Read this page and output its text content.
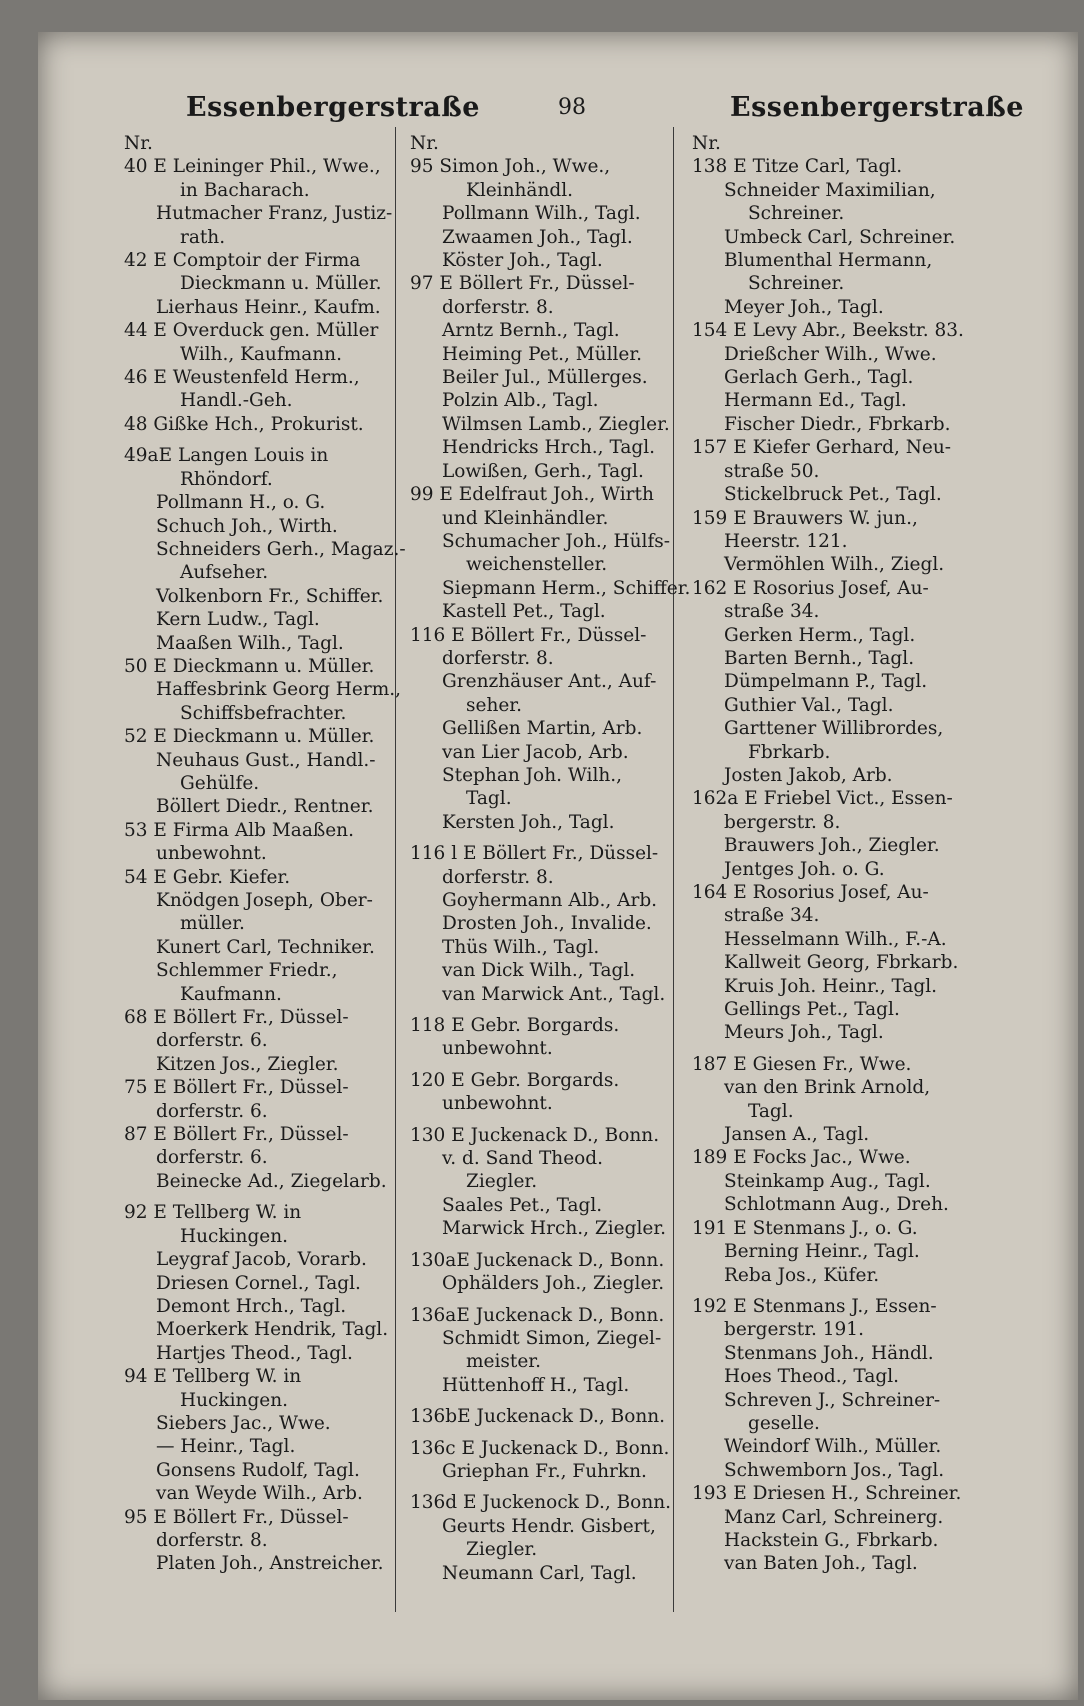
Essenbergerstraße	98	Essenbergerstraße
Nr.
40 E Leininger Phil., Wwe.,
in Bacharach.
Hutmacher Franz, Justiz-
rath.
42 E Comptoir der Firma
Dieckmann u. Müller.
Lierhaus Heinr., Kaufm.
44 E Overduck gen. Müller
Wilh., Kaufmann.
46 E Weustenfeld Herm.,
Handl.-Geh.
48 Gißke Hch., Prokurist.
49aE Langen Louis in
Rhöndorf.
Pollmann H., o. G.
Schuch Joh., Wirth.
Schneiders Gerh., Magaz.-
Aufseher.
Volkenborn Fr., Schiffer.
Kern Ludw., Tagl.
Maaßen Wilh., Tagl.
50 E Dieckmann u. Müller.
Haffesbrink Georg Herm.,
Schiffsbefrachter.
52 E Dieckmann u. Müller.
Neuhaus Gust., Handl.-
Gehülfe.
Böllert Diedr., Rentner.
53 E Firma Alb Maaßen.
unbewohnt.
54 E Gebr. Kiefer.
Knödgen Joseph, Ober-
müller.
Kunert Carl, Techniker.
Schlemmer Friedr.,
Kaufmann.
68 E Böllert Fr., Düssel-
dorferstr. 6.
Kitzen Jos., Ziegler.
75 E Böllert Fr., Düssel-
dorferstr. 6.
87 E Böllert Fr., Düssel-
dorferstr. 6.
Beinecke Ad., Ziegelarb.
92 E Tellberg W. in
Huckingen.
Leygraf Jacob, Vorarb.
Driesen Cornel., Tagl.
Demont Hrch., Tagl.
Moerkerk Hendrik, Tagl.
Hartjes Theod., Tagl.
94 E Tellberg W. in
Huckingen.
Siebers Jac., Wwe.
— Heinr., Tagl.
Gonsens Rudolf, Tagl.
van Weyde Wilh., Arb.
95 E Böllert Fr., Düssel-
dorferstr. 8.
Platen Joh., Anstreicher.
Nr.
95 Simon Joh., Wwe.,
Kleinhändl.
Pollmann Wilh., Tagl.
Zwaamen Joh., Tagl.
Köster Joh., Tagl.
97 E Böllert Fr., Düssel-
dorferstr. 8.
Arntz Bernh., Tagl.
Heiming Pet., Müller.
Beiler Jul., Müllerges.
Polzin Alb., Tagl.
Wilmsen Lamb., Ziegler.
Hendricks Hrch., Tagl.
Lowißen, Gerh., Tagl.
99 E Edelfraut Joh., Wirth
und Kleinhändler.
Schumacher Joh., Hülfs-
weichensteller.
Siepmann Herm., Schiffer.
Kastell Pet., Tagl.
116 E Böllert Fr., Düssel-
dorferstr. 8.
Grenzhäuser Ant., Auf-
seher.
Gellißen Martin, Arb.
van Lier Jacob, Arb.
Stephan Joh. Wilh.,
Tagl.
Kersten Joh., Tagl.
116 l E Böllert Fr., Düssel-
dorferstr. 8.
Goyhermann Alb., Arb.
Drosten Joh., Invalide.
Thüs Wilh., Tagl.
van Dick Wilh., Tagl.
van Marwick Ant., Tagl.
118 E Gebr. Borgards.
unbewohnt.
120 E Gebr. Borgards.
unbewohnt.
130 E Juckenack D., Bonn.
v. d. Sand Theod.
Ziegler.
Saales Pet., Tagl.
Marwick Hrch., Ziegler.
130aE Juckenack D., Bonn.
Ophälders Joh., Ziegler.
136aE Juckenack D., Bonn.
Schmidt Simon, Ziegel-
meister.
Hüttenhoff H., Tagl.
136bE Juckenack D., Bonn.
136c E Juckenack D., Bonn.
Griephan Fr., Fuhrkn.
136d E Juckenock D., Bonn.
Geurts Hendr. Gisbert,
Ziegler.
Neumann Carl, Tagl.
Nr.
138 E Titze Carl, Tagl.
Schneider Maximilian,
Schreiner.
Umbeck Carl, Schreiner.
Blumenthal Hermann,
Schreiner.
Meyer Joh., Tagl.
154 E Levy Abr., Beekstr. 83.
Drießcher Wilh., Wwe.
Gerlach Gerh., Tagl.
Hermann Ed., Tagl.
Fischer Diedr., Fbrkarb.
157 E Kiefer Gerhard, Neu-
straße 50.
Stickelbruck Pet., Tagl.
159 E Brauwers W. jun.,
Heerstr. 121.
Vermöhlen Wilh., Ziegl.
162 E Rosorius Josef, Au-
straße 34.
Gerken Herm., Tagl.
Barten Bernh., Tagl.
Dümpelmann P., Tagl.
Guthier Val., Tagl.
Garttener Willibrordes,
Fbrkarb.
Josten Jakob, Arb.
162a E Friebel Vict., Essen-
bergerstr. 8.
Brauwers Joh., Ziegler.
Jentges Joh. o. G.
164 E Rosorius Josef, Au-
straße 34.
Hesselmann Wilh., F.-A.
Kallweit Georg, Fbrkarb.
Kruis Joh. Heinr., Tagl.
Gellings Pet., Tagl.
Meurs Joh., Tagl.
187 E Giesen Fr., Wwe.
van den Brink Arnold,
Tagl.
Jansen A., Tagl.
189 E Focks Jac., Wwe.
Steinkamp Aug., Tagl.
Schlotmann Aug., Dreh.
191 E Stenmans J., o. G.
Berning Heinr., Tagl.
Reba Jos., Küfer.
192 E Stenmans J., Essen-
bergerstr. 191.
Stenmans Joh., Händl.
Hoes Theod., Tagl.
Schreven J., Schreiner-
geselle.
Weindorf Wilh., Müller.
Schwemborn Jos., Tagl.
193 E Driesen H., Schreiner.
Manz Carl, Schreinerg.
Hackstein G., Fbrkarb.
van Baten Joh., Tagl.
